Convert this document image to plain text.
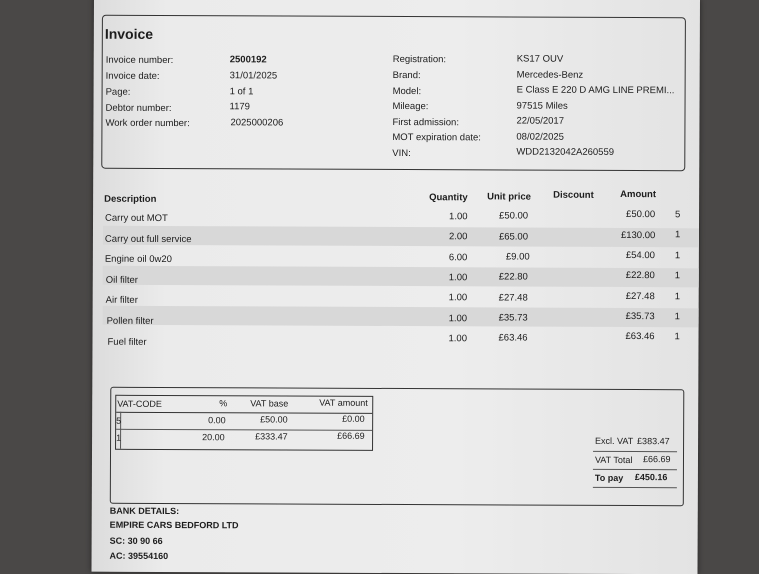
Invoice
Invoice number:	2500192
Invoice date:	31/01/2025
Page:	1 of 1
Debtor number:	1179
Work order number:	2025000206
Registration:	KS17 OUV
Brand:	Mercedes-Benz
Model:	E Class E 220 D AMG LINE PREMI...
Mileage:	97515 Miles
First admission:	22/05/2017
MOT expiration date:	08/02/2025
VIN:	WDD2132042A260559
Description	Quantity Unit price Discount	Amount
Carry out MOT	1.00	£50.00	£50.00 5
Carry out full service	2.00	£65.00	£130.00 1
Engine oil 0w20	6.00	£9.00	£54.00 1
Oil filter	1.00	£22.80	£22.80 1
Air filter	1.00	£27.48	£27.48 1
Pollen filter	1.00	£35.73	£35.73 1
Fuel filter	1.00	£63.46	£63.46 1
VAT-CODE	%	VAT base	VAT amount
5	0.00	£50.00	£0.00
1	20.00	£333.47	£66.69
Excl. VAT £383.47
VAT Total £66.69
To pay £450.16
BANK DETAILS:
EMPIRE CARS BEDFORD LTD
SC: 30 90 66
AC: 39554160
